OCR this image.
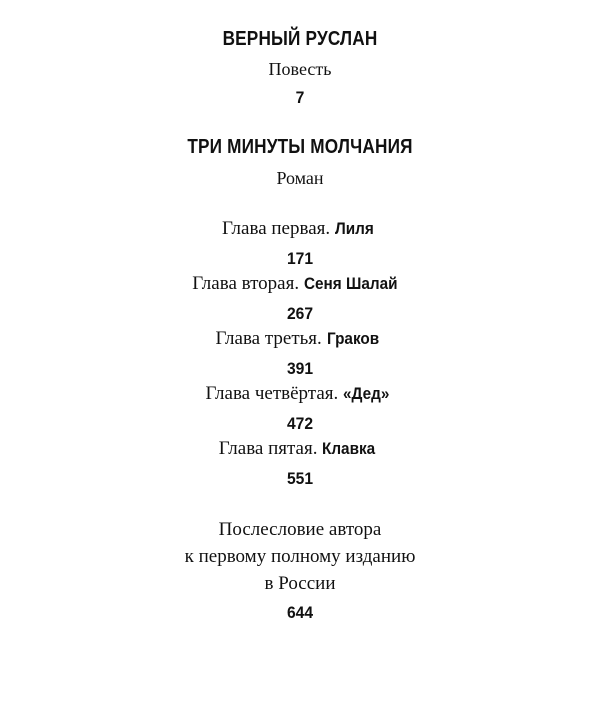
ВЕРНЫЙ РУСЛАН
Повесть
7
ТРИ МИНУТЫ МОЛЧАНИЯ
Роман
Глава первая. Лиля
171
Глава вторая. Сеня Шалай
267
Глава третья. Граков
391
Глава четвёртая. «Дед»
472
Глава пятая. Клавка
551
Послесловие автора
к первому полному изданию
в России
644
